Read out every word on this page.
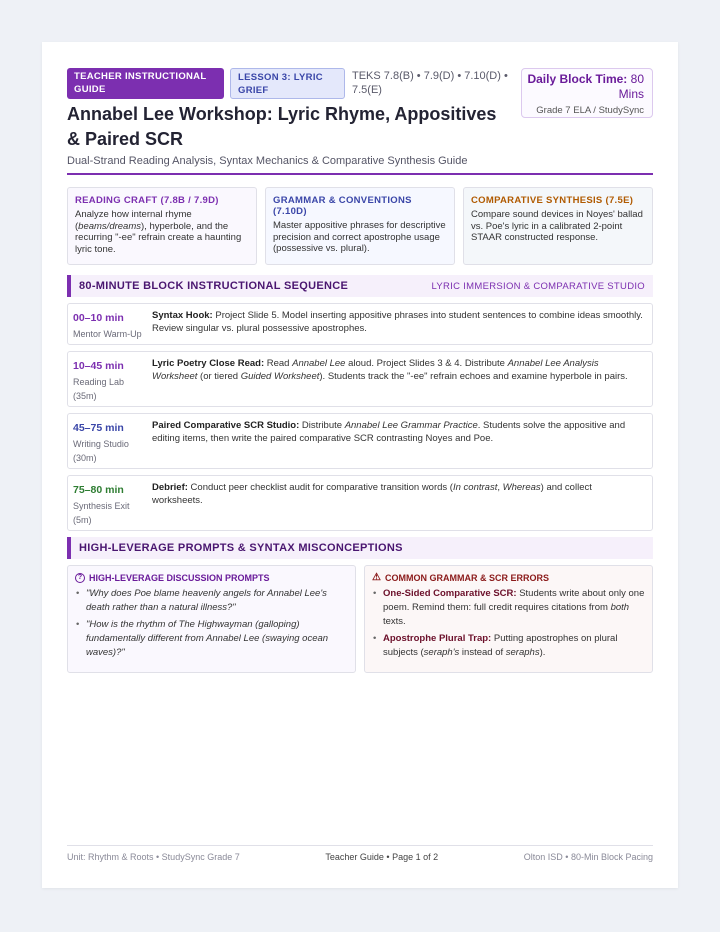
TEACHER INSTRUCTIONAL GUIDE
LESSON 3: LYRIC GRIEF
TEKS 7.8(B) • 7.9(D) • 7.10(D) • 7.5(E)
Daily Block Time: 80 Mins
Grade 7 ELA / StudySync
Annabel Lee Workshop: Lyric Rhyme, Appositives & Paired SCR
Dual-Strand Reading Analysis, Syntax Mechanics & Comparative Synthesis Guide
READING CRAFT (7.8B / 7.9D)
Analyze how internal rhyme (beams/dreams), hyperbole, and the recurring "-ee" refrain create a haunting lyric tone.
GRAMMAR & CONVENTIONS (7.10D)
Master appositive phrases for descriptive precision and correct apostrophe usage (possessive vs. plural).
COMPARATIVE SYNTHESIS (7.5E)
Compare sound devices in Noyes' ballad vs. Poe's lyric in a calibrated 2-point STAAR constructed response.
80-MINUTE BLOCK INSTRUCTIONAL SEQUENCE	LYRIC IMMERSION & COMPARATIVE STUDIO
00–10 min
Mentor Warm-Up
Syntax Hook: Project Slide 5. Model inserting appositive phrases into student sentences to combine ideas smoothly. Review singular vs. plural possessive apostrophes.
10–45 min
Reading Lab (35m)
Lyric Poetry Close Read: Read Annabel Lee aloud. Project Slides 3 & 4. Distribute Annabel Lee Analysis Worksheet (or tiered Guided Worksheet). Students track the "-ee" refrain echoes and examine hyperbole in pairs.
45–75 min
Writing Studio (30m)
Paired Comparative SCR Studio: Distribute Annabel Lee Grammar Practice. Students solve the appositive and editing items, then write the paired comparative SCR contrasting Noyes and Poe.
75–80 min
Synthesis Exit (5m)
Debrief: Conduct peer checklist audit for comparative transition words (In contrast, Whereas) and collect worksheets.
HIGH-LEVERAGE PROMPTS & SYNTAX MISCONCEPTIONS
? HIGH-LEVERAGE DISCUSSION PROMPTS
• "Why does Poe blame heavenly angels for Annabel Lee's death rather than a natural illness?"
• "How is the rhythm of The Highwayman (galloping) fundamentally different from Annabel Lee (swaying ocean waves)?"
⚠ COMMON GRAMMAR & SCR ERRORS
• One-Sided Comparative SCR: Students write about only one poem. Remind them: full credit requires citations from both texts.
• Apostrophe Plural Trap: Putting apostrophes on plural subjects (seraph's instead of seraphs).
Unit: Rhythm & Roots • StudySync Grade 7	Teacher Guide • Page 1 of 2	Olton ISD • 80-Min Block Pacing
